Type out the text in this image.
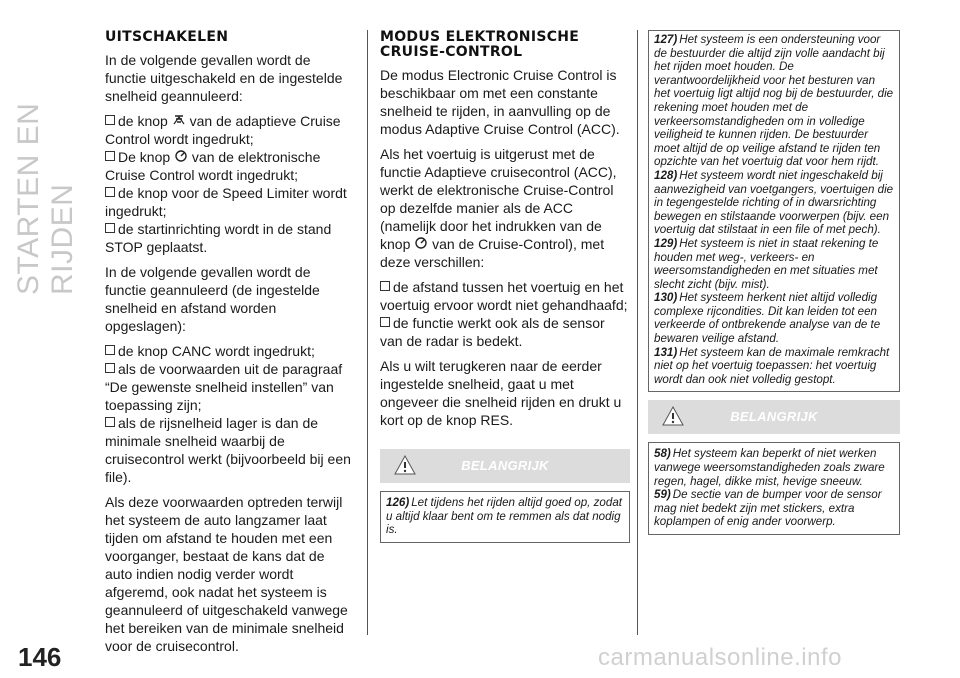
STARTEN EN RIJDEN
146
UITSCHAKELEN

In de volgende gevallen wordt de functie uitgeschakeld en de ingestelde snelheid geannuleerd:

de knop  van de adaptieve Cruise Control wordt ingedrukt;

De knop  van de elektronische Cruise Control wordt ingedrukt;

de knop voor de Speed Limiter wordt ingedrukt;

de startinrichting wordt in de stand STOP geplaatst.

In de volgende gevallen wordt de functie geannuleerd (de ingestelde snelheid en afstand worden opgeslagen):

de knop CANC wordt ingedrukt;

als de voorwaarden uit de paragraaf “De gewenste snelheid instellen” van toepassing zijn;

als de rijsnelheid lager is dan de minimale snelheid waarbij de cruisecontrol werkt (bijvoorbeeld bij een file).

Als deze voorwaarden optreden terwijl het systeem de auto langzamer laat tijden om afstand te houden met een voorganger, bestaat de kans dat de auto indien nodig verder wordt afgeremd, ook nadat het systeem is geannuleerd of uitgeschakeld vanwege het bereiken van de minimale snelheid voor de cruisecontrol.

MODUS ELEKTRONISCHE
CRUISE-CONTROL

De modus Electronic Cruise Control is beschikbaar om met een constante snelheid te rijden, in aanvulling op de modus Adaptive Cruise Control (ACC).

Als het voertuig is uitgerust met de functie Adaptieve cruisecontrol (ACC), werkt de elektronische Cruise-Control op dezelfde manier als de ACC (namelijk door het indrukken van de knop  van de Cruise-Control), met deze verschillen:

de afstand tussen het voertuig en het voertuig ervoor wordt niet gehandhaafd;

de functie werkt ook als de sensor van de radar is bedekt.

Als u wilt terugkeren naar de eerder ingestelde snelheid, gaat u met ongeveer die snelheid rijden en drukt u kort op de knop RES.

BELANGRIJK
126) Let tijdens het rijden altijd goed op, zodat u altijd klaar bent om te remmen als dat nodig is.
127) Het systeem is een ondersteuning voor de bestuurder die altijd zijn volle aandacht bij het rijden moet houden. De verantwoordelijkheid voor het besturen van het voertuig ligt altijd nog bij de bestuurder, die rekening moet houden met de verkeersomstandigheden om in volledige veiligheid te kunnen rijden. De bestuurder moet altijd de op veilige afstand te rijden ten opzichte van het voertuig dat voor hem rijdt.
128) Het systeem wordt niet ingeschakeld bij aanwezigheid van voetgangers, voertuigen die in tegengestelde richting of in dwarsrichting bewegen en stilstaande voorwerpen (bijv. een voertuig dat stilstaat in een file of met pech).
129) Het systeem is niet in staat rekening te houden met weg-, verkeers- en weersomstandigheden en met situaties met slecht zicht (bijv. mist).
130) Het systeem herkent niet altijd volledig complexe rijcondities. Dit kan leiden tot een verkeerde of ontbrekende analyse van de te bewaren veilige afstand.
131) Het systeem kan de maximale remkracht niet op het voertuig toepassen: het voertuig wordt dan ook niet volledig gestopt.
BELANGRIJK
58) Het systeem kan beperkt of niet werken vanwege weersomstandigheden zoals zware regen, hagel, dikke mist, hevige sneeuw.
59) De sectie van de bumper voor de sensor mag niet bedekt zijn met stickers, extra koplampen of enig ander voorwerp.
carmanualsonline.info
